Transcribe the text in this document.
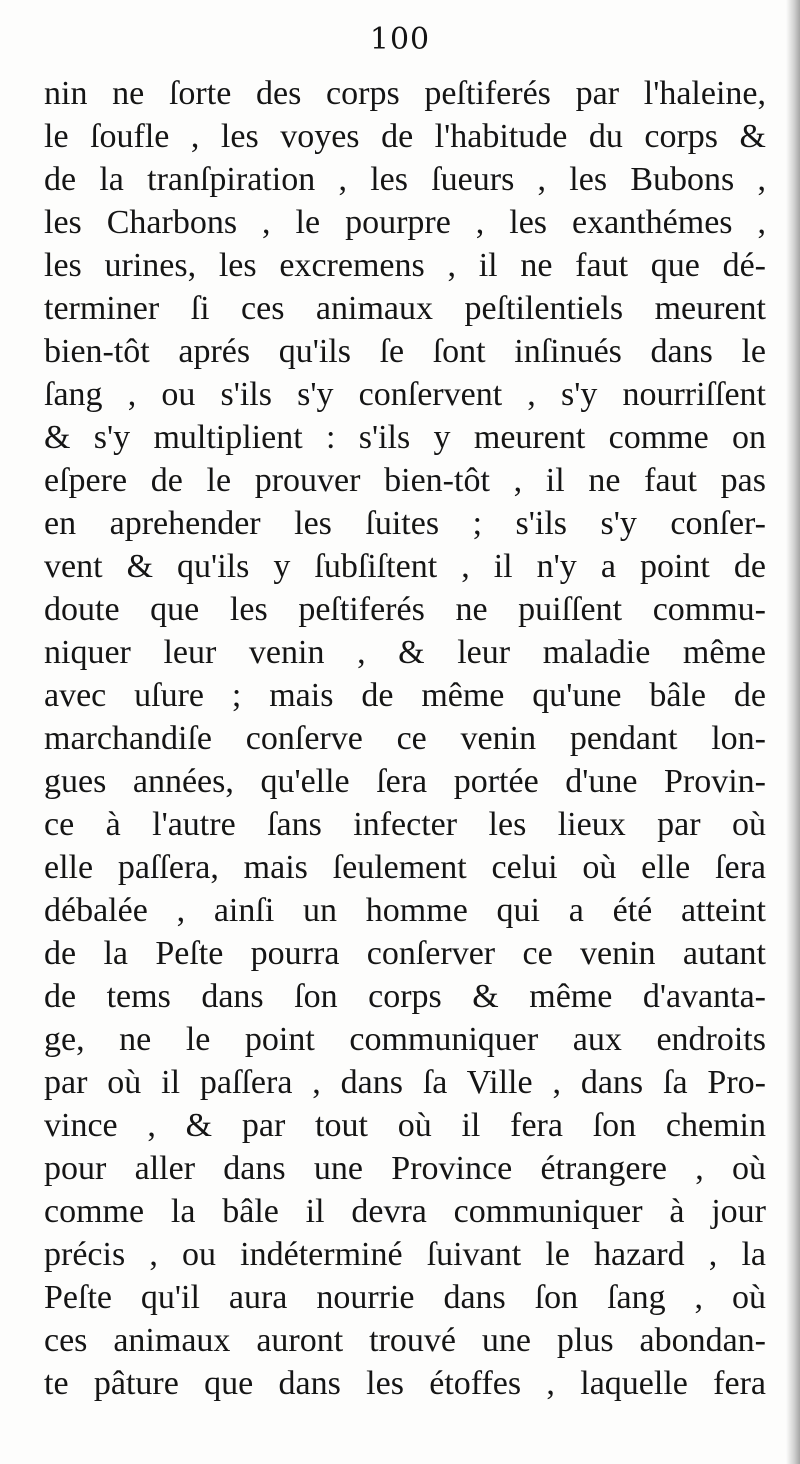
100
nin ne ſorte des corps peſtiferés par l'haleine,
le ſoufle , les voyes de l'habitude du corps &
de la tranſpiration , les ſueurs , les Bubons ,
les Charbons , le pourpre , les exanthémes ,
les urines, les excremens , il ne faut que dé-
terminer ſi ces animaux peſtilentiels meurent
bien-tôt aprés qu'ils ſe ſont inſinués dans le
ſang , ou s'ils s'y conſervent , s'y nourriſſent
& s'y multiplient : s'ils y meurent comme on
eſpere de le prouver bien-tôt , il ne faut pas
en aprehender les ſuites ; s'ils s'y conſer-
vent & qu'ils y ſubſiſtent , il n'y a point de
doute que les peſtiferés ne puiſſent commu-
niquer leur venin , & leur maladie même
avec uſure ; mais de même qu'une bâle de
marchandiſe conſerve ce venin pendant lon-
gues années, qu'elle ſera portée d'une Provin-
ce à l'autre ſans infecter les lieux par où
elle paſſera, mais ſeulement celui où elle ſera
débalée , ainſi un homme qui a été atteint
de la Peſte pourra conſerver ce venin autant
de tems dans ſon corps & même d'avanta-
ge, ne le point communiquer aux endroits
par où il paſſera , dans ſa Ville , dans ſa Pro-
vince , & par tout où il fera ſon chemin
pour aller dans une Province étrangere , où
comme la bâle il devra communiquer à jour
précis , ou indéterminé ſuivant le hazard , la
Peſte qu'il aura nourrie dans ſon ſang , où
ces animaux auront trouvé une plus abondan-
te pâture que dans les étoffes , laquelle fera
